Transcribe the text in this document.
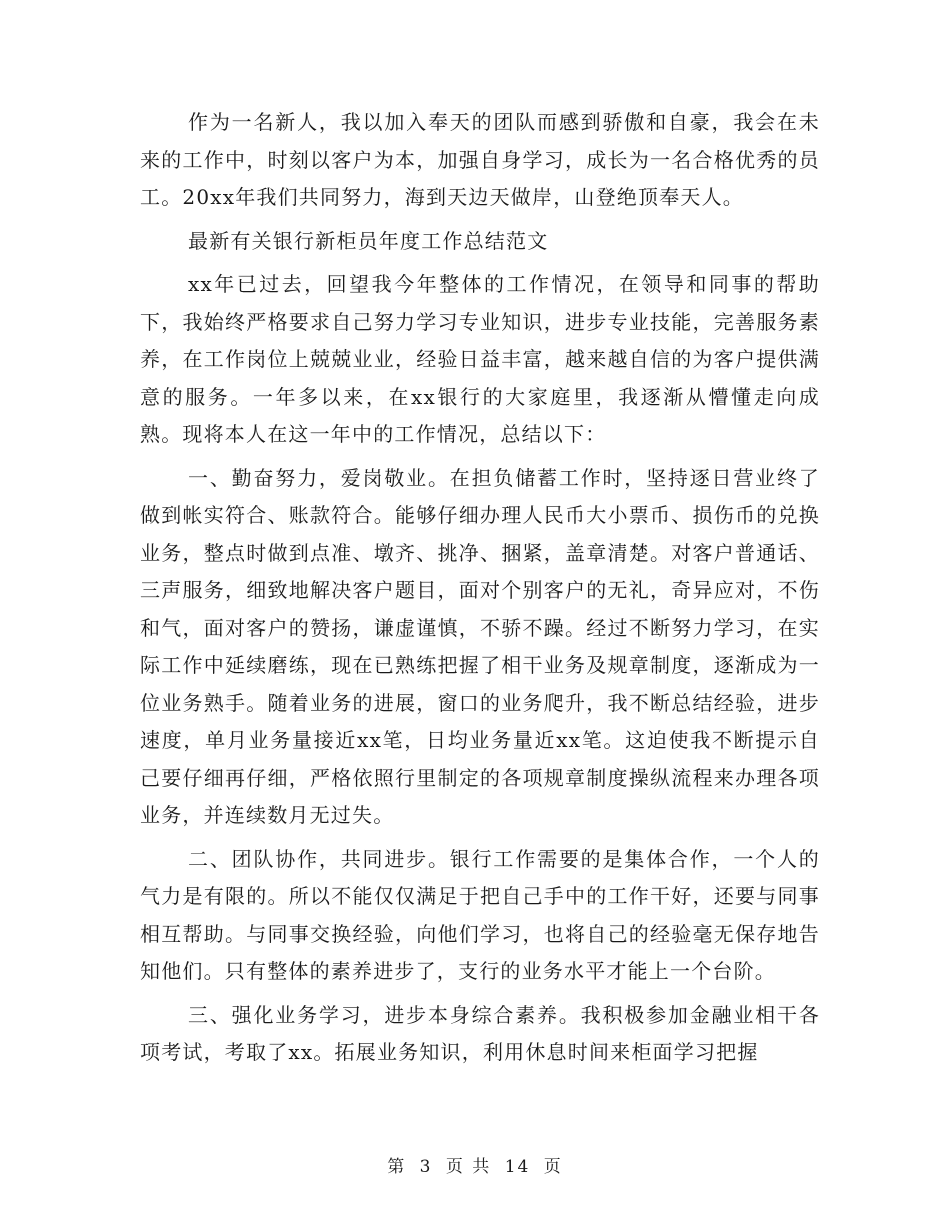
作为一名新人，我以加入奉天的团队而感到骄傲和自豪，我会在未来的工作中，时刻以客户为本，加强自身学习，成长为一名合格优秀的员工。20xx年我们共同努力，海到天边天做岸，山登绝顶奉天人。

最新有关银行新柜员年度工作总结范文

xx年已过去，回望我今年整体的工作情况，在领导和同事的帮助下，我始终严格要求自己努力学习专业知识，进步专业技能，完善服务素养，在工作岗位上兢兢业业，经验日益丰富，越来越自信的为客户提供满意的服务。一年多以来，在xx银行的大家庭里，我逐渐从懵懂走向成熟。现将本人在这一年中的工作情况，总结以下：

一、勤奋努力，爱岗敬业。在担负储蓄工作时，坚持逐日营业终了做到帐实符合、账款符合。能够仔细办理人民币大小票币、损伤币的兑换业务，整点时做到点准、墩齐、挑净、捆紧，盖章清楚。对客户普通话、三声服务，细致地解决客户题目，面对个别客户的无礼，奇异应对，不伤和气，面对客户的赞扬，谦虚谨慎，不骄不躁。经过不断努力学习，在实际工作中延续磨练，现在已熟练把握了相干业务及规章制度，逐渐成为一位业务熟手。随着业务的进展，窗口的业务爬升，我不断总结经验，进步速度，单月业务量接近xx笔，日均业务量近xx笔。这迫使我不断提示自己要仔细再仔细，严格依照行里制定的各项规章制度操纵流程来办理各项业务，并连续数月无过失。

二、团队协作，共同进步。银行工作需要的是集体合作，一个人的气力是有限的。所以不能仅仅满足于把自己手中的工作干好，还要与同事相互帮助。与同事交换经验，向他们学习，也将自己的经验毫无保存地告知他们。只有整体的素养进步了，支行的业务水平才能上一个台阶。

三、强化业务学习，进步本身综合素养。我积极参加金融业相干各项考试，考取了xx。拓展业务知识，利用休息时间来柜面学习把握

第 3 页 共 14 页
